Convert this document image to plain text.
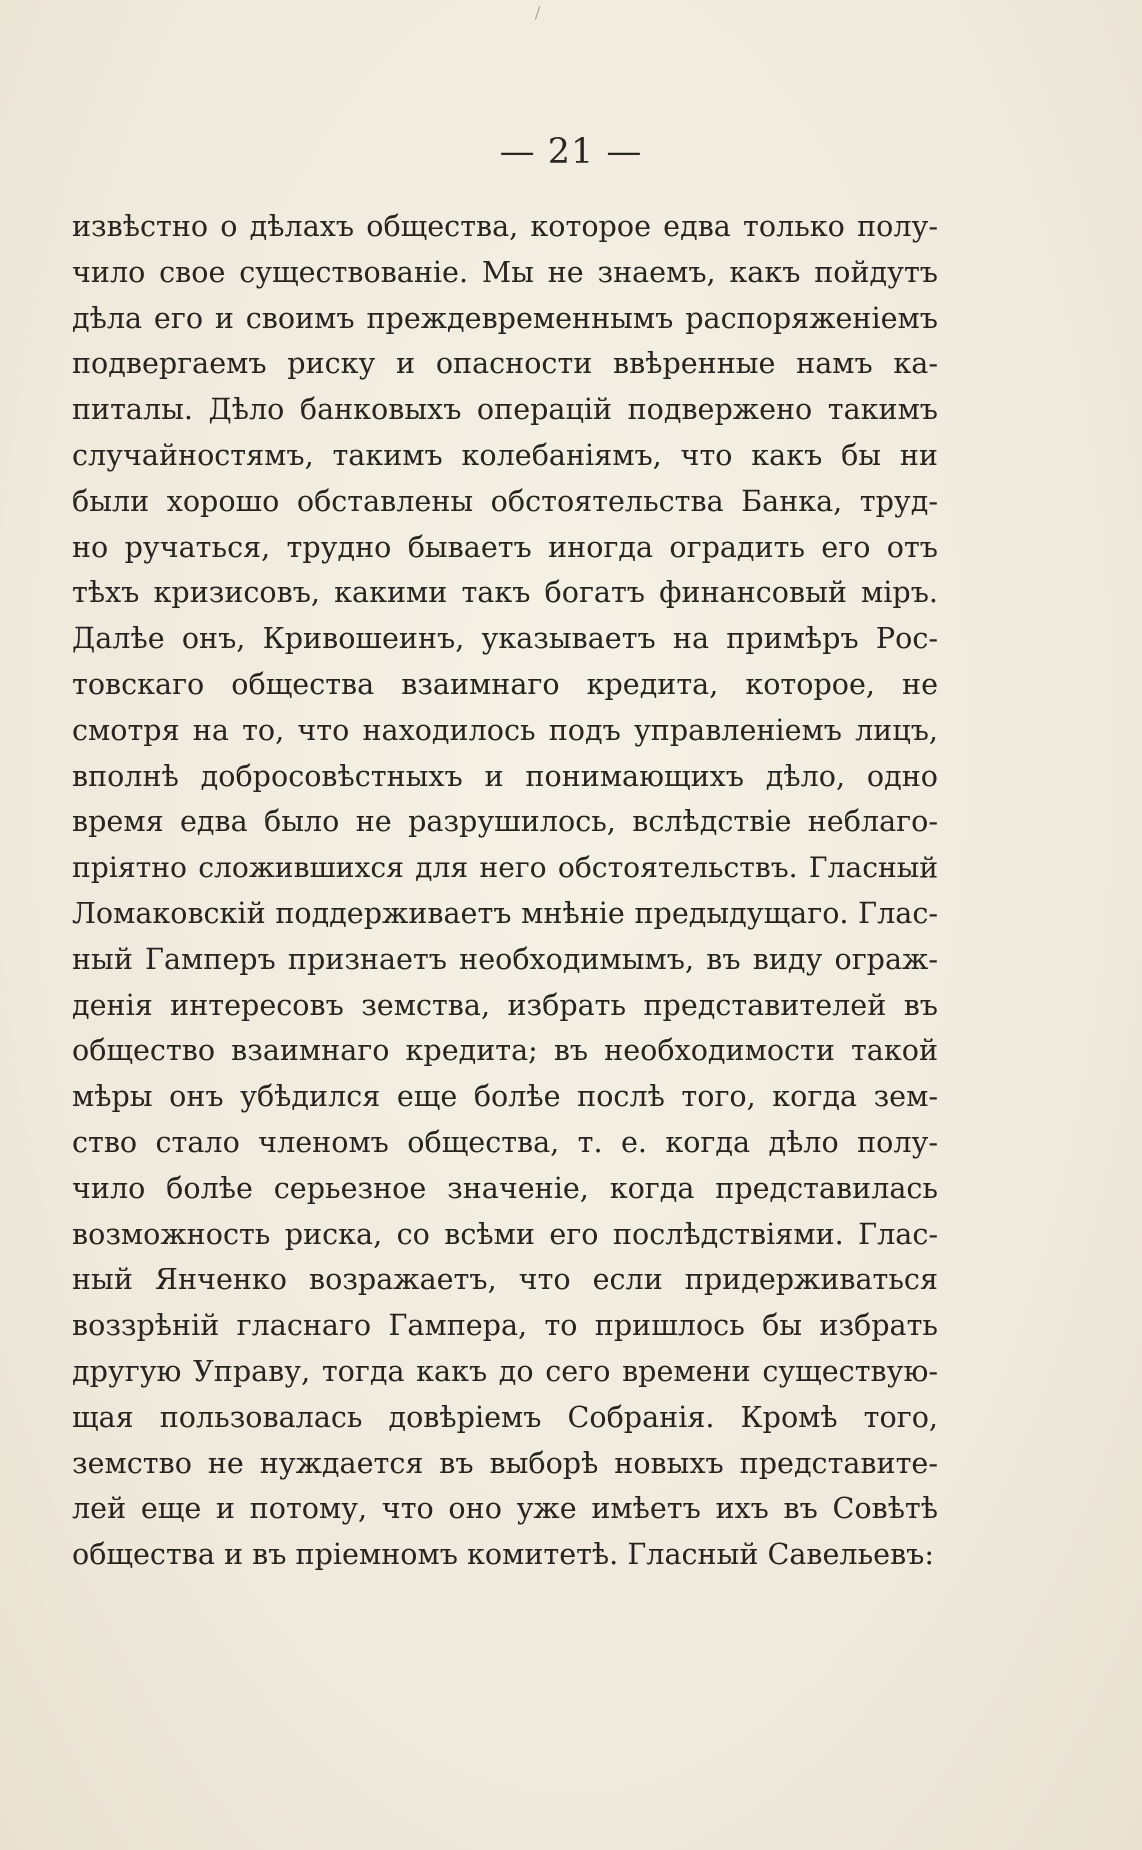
— 21 —
извѣстно о дѣлахъ общества, которое едва только полу-
чило свое существованіе. Мы не знаемъ, какъ пойдутъ
дѣла его и своимъ преждевременнымъ распоряженіемъ
подвергаемъ риску и опасности ввѣренные намъ ка-
питалы. Дѣло банковыхъ операцій подвержено такимъ
случайностямъ, такимъ колебаніямъ, что какъ бы ни
были хорошо обставлены обстоятельства Банка, труд-
но ручаться, трудно бываетъ иногда оградить его отъ
тѣхъ кризисовъ, какими такъ богатъ финансовый міръ.
Далѣе онъ, Кривошеинъ, указываетъ на примѣръ Рос-
товскаго общества взаимнаго кредита, которое, не
смотря на то, что находилось подъ управленіемъ лицъ,
вполнѣ добросовѣстныхъ и понимающихъ дѣло, одно
время едва было не разрушилось, вслѣдствіе неблаго-
пріятно сложившихся для него обстоятельствъ. Гласный
Ломаковскій поддерживаетъ мнѣніе предыдущаго. Глас-
ный Гамперъ признаетъ необходимымъ, въ виду ограж-
денія интересовъ земства, избрать представителей въ
общество взаимнаго кредита; въ необходимости такой
мѣры онъ убѣдился еще болѣе послѣ того, когда зем-
ство стало членомъ общества, т. е. когда дѣло полу-
чило болѣе серьезное значеніе, когда представилась
возможность риска, со всѣми его послѣдствіями. Глас-
ный Янченко возражаетъ, что если придерживаться
воззрѣній гласнаго Гампера, то пришлось бы избрать
другую Управу, тогда какъ до сего времени существую-
щая пользовалась довѣріемъ Собранія. Кромѣ того,
земство не нуждается въ выборѣ новыхъ представите-
лей еще и потому, что оно уже имѣетъ ихъ въ Совѣтѣ
общества и въ пріемномъ комитетѣ. Гласный Савельевъ:
